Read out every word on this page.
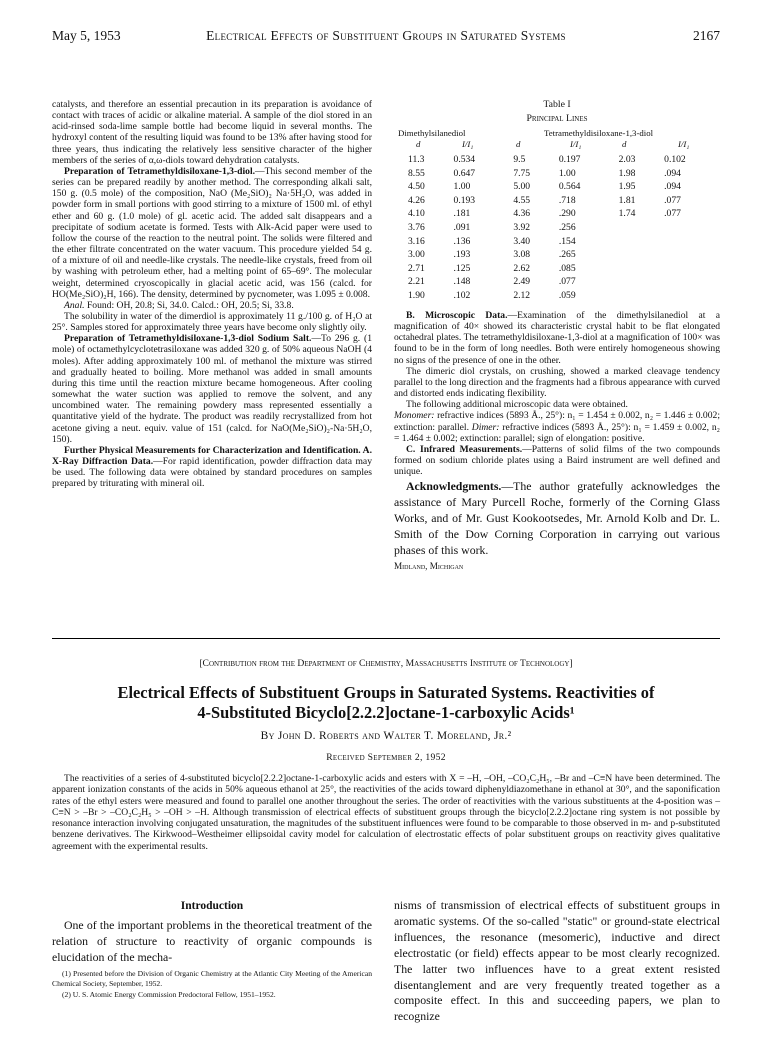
May 5, 1953	Electrical Effects of Substituent Groups in Saturated Systems	2167

catalysts, and therefore an essential precaution in its preparation is avoidance of contact with traces of acidic or alkaline material. A sample of the diol stored in an acid-rinsed soda-lime sample bottle had become liquid in several months. The hydroxyl content of the resulting liquid was found to be 13% after having stood for three years, thus indicating the relatively less sensitive character of the higher members of the series of α,ω-diols toward dehydration catalysts.

Preparation of Tetramethyldisiloxane-1,3-diol.—This second member of the series can be prepared readily by another method. The corresponding alkali salt, 150 g. (0.5 mole) of the composition, NaO (Me₂SiO)₂ Na·5H₂O, was added in powder form in small portions with good stirring to a mixture of 1500 ml. of ethyl ether and 60 g. (1.0 mole) of gl. acetic acid. The added salt disappears and a precipitate of sodium acetate is formed. Tests with Alk-Acid paper were used to follow the course of the reaction to the neutral point. The solids were filtered and the ether filtrate concentrated on the water vacuum. This procedure yielded 54 g. of a mixture of oil and needle-like crystals. The needle-like crystals, freed from oil by washing with petroleum ether, had a melting point of 65–69°. The molecular weight, determined cryoscopically in glacial acetic acid, was 156 (calcd. for HO(Me₂SiO)₂H, 166). The density, determined by pycnometer, was 1.095 ± 0.008.

Anal. Found: OH, 20.8; Si, 34.0. Calcd.: OH, 20.5; Si, 33.8.

The solubility in water of the dimerdiol is approximately 11 g./100 g. of H₂O at 25°. Samples stored for approximately three years have become only slightly oily.

Preparation of Tetramethyldisiloxane-1,3-diol Sodium Salt.—To 296 g. (1 mole) of octamethylcyclotetrasiloxane was added 320 g. of 50% aqueous NaOH (4 moles). After adding approximately 100 ml. of methanol the mixture was stirred and gradually heated to boiling. More methanol was added in small amounts during this time until the reaction mixture became homogeneous. After cooling somewhat the water suction was applied to remove the solvent, and any uncombined water. The remaining powdery mass represented essentially a quantitative yield of the hydrate. The product was readily recrystallized from hot acetone giving a neut. equiv. value of 151 (calcd. for NaO(Me₂SiO)₂-Na·5H₂O, 150).

Further Physical Measurements for Characterization and Identification. A. X-Ray Diffraction Data.—For rapid identification, powder diffraction data may be used. The following data were obtained by standard procedures on samples prepared by triturating with mineral oil.

Table I
Principal Lines
Dimethylsilanediol	Tetramethyldisiloxane-1,3-diol
d	I/I₁	d	I/I₁	d	I/I₁
11.3	0.534	9.5	0.197	2.03	0.102
8.55	0.647	7.75	1.00	1.98	.094
4.50	1.00	5.00	0.564	1.95	.094
4.26	0.193	4.55	.718	1.81	.077
4.10	.181	4.36	.290	1.74	.077
3.76	.091	3.92	.256		
3.16	.136	3.40	.154		
3.00	.193	3.08	.265		
2.71	.125	2.62	.085		
2.21	.148	2.49	.077		
1.90	.102	2.12	.059		

B. Microscopic Data.—Examination of the dimethylsilanediol at a magnification of 40× showed its characteristic crystal habit to be flat elongated octahedral plates. The tetramethyldisiloxane-1,3-diol at a magnification of 100× was found to be in the form of long needles. Both were entirely homogeneous showing no signs of the presence of one in the other.

The dimeric diol crystals, on crushing, showed a marked cleavage tendency parallel to the long direction and the fragments had a fibrous appearance with curved and distorted ends indicating flexibility.

The following additional microscopic data were obtained.

Monomer: refractive indices (5893 Å., 25°): n₁ = 1.454 ± 0.002, n₂ = 1.446 ± 0.002; extinction: parallel. Dimer: refractive indices (5893 Å., 25°): n₁ = 1.459 ± 0.002, n₂ = 1.464 ± 0.002; extinction: parallel; sign of elongation: positive.

C. Infrared Measurements.—Patterns of solid films of the two compounds formed on sodium chloride plates using a Baird instrument are well defined and unique.

Acknowledgments.—The author gratefully acknowledges the assistance of Mary Purcell Roche, formerly of the Corning Glass Works, and of Mr. Gust Kookootsedes, Mr. Arnold Kolb and Dr. L. Smith of the Dow Corning Corporation in carrying out various phases of this work.

Midland, Michigan
[Contribution from the Department of Chemistry, Massachusetts Institute of Technology]
Electrical Effects of Substituent Groups in Saturated Systems. Reactivities of
4-Substituted Bicyclo[2.2.2]octane-1-carboxylic Acids¹
By John D. Roberts and Walter T. Moreland, Jr.²
Received September 2, 1952
The reactivities of a series of 4-substituted bicyclo[2.2.2]octane-1-carboxylic acids and esters with X = –H, –OH, –CO₂C₂H₅, –Br and –C≡N have been determined. The apparent ionization constants of the acids in 50% aqueous ethanol at 25°, the reactivities of the acids toward diphenyldiazomethane in ethanol at 30°, and the saponification rates of the ethyl esters were measured and found to parallel one another throughout the series. The order of reactivities with the various substituents at the 4-position was –C≡N > –Br > –CO₂C₂H₅ > –OH > –H. Although transmission of electrical effects of substituent groups through the bicyclo[2.2.2]octane ring system is not possible by resonance interaction involving conjugated unsaturation, the magnitudes of the substituent influences were found to be comparable to those observed in m- and p-substituted benzene derivatives. The Kirkwood–Westheimer ellipsoidal cavity model for calculation of electrostatic effects of polar substituent groups on reactivity gives qualitative agreement with the experimental results.
Introduction
One of the important problems in the theoretical treatment of the relation of structure to reactivity of organic compounds is elucidation of the mecha-

(1) Presented before the Division of Organic Chemistry at the Atlantic City Meeting of the American Chemical Society, September, 1952.

(2) U. S. Atomic Energy Commission Predoctoral Fellow, 1951–1952.

nisms of transmission of electrical effects of substituent groups in aromatic systems. Of the so-called "static" or ground-state electrical influences, the resonance (mesomeric), inductive and direct electrostatic (or field) effects appear to be most clearly recognized. The latter two influences have to a great extent resisted disentanglement and are very frequently treated together as a composite effect. In this and succeeding papers, we plan to recognize
